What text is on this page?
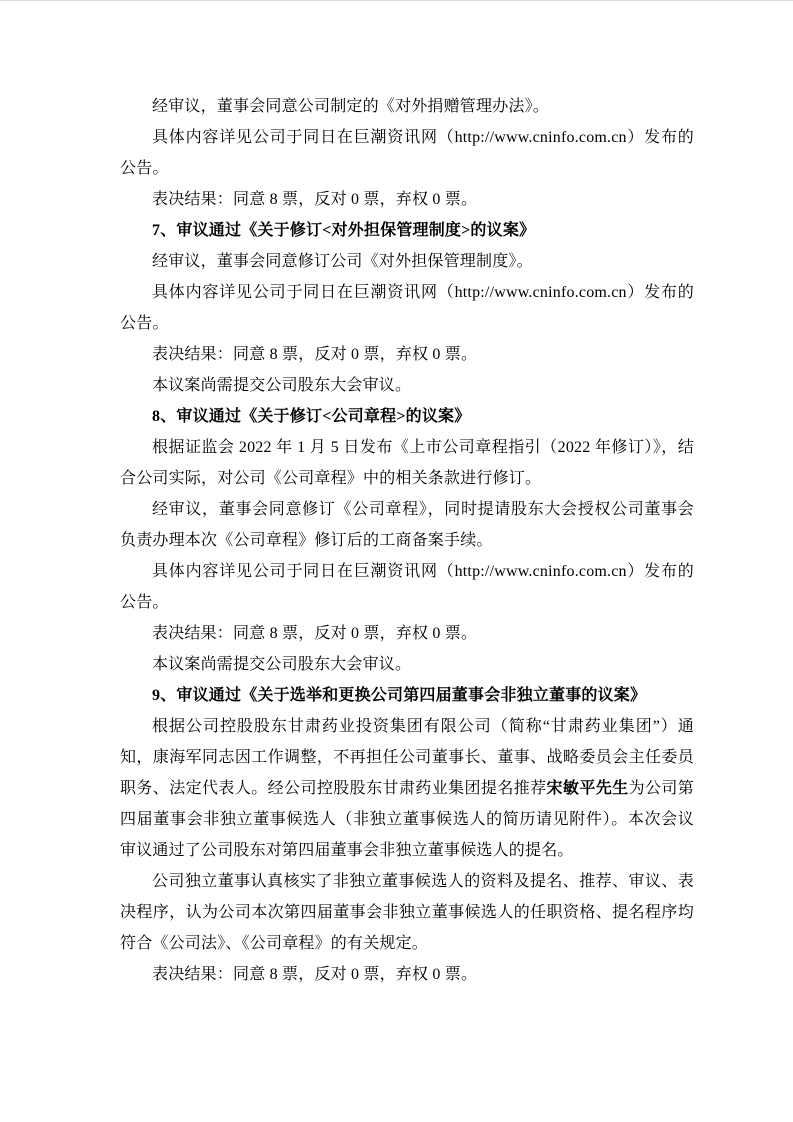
经审议，董事会同意公司制定的《对外捐赠管理办法》。

具体内容详见公司于同日在巨潮资讯网（http://www.cninfo.com.cn）发布的公告。

表决结果：同意 8 票，反对 0 票，弃权 0 票。

7、审议通过《关于修订<对外担保管理制度>的议案》

经审议，董事会同意修订公司《对外担保管理制度》。

具体内容详见公司于同日在巨潮资讯网（http://www.cninfo.com.cn）发布的公告。

表决结果：同意 8 票，反对 0 票，弃权 0 票。

本议案尚需提交公司股东大会审议。

8、审议通过《关于修订<公司章程>的议案》

根据证监会 2022 年 1 月 5 日发布《上市公司章程指引（2022 年修订）》，结合公司实际，对公司《公司章程》中的相关条款进行修订。

经审议，董事会同意修订《公司章程》，同时提请股东大会授权公司董事会负责办理本次《公司章程》修订后的工商备案手续。

具体内容详见公司于同日在巨潮资讯网（http://www.cninfo.com.cn）发布的公告。

表决结果：同意 8 票，反对 0 票，弃权 0 票。

本议案尚需提交公司股东大会审议。

9、审议通过《关于选举和更换公司第四届董事会非独立董事的议案》

根据公司控股股东甘肃药业投资集团有限公司（简称“甘肃药业集团”）通知，康海军同志因工作调整，不再担任公司董事长、董事、战略委员会主任委员职务、法定代表人。经公司控股股东甘肃药业集团提名推荐宋敏平先生为公司第四届董事会非独立董事候选人（非独立董事候选人的简历请见附件）。本次会议审议通过了公司股东对第四届董事会非独立董事候选人的提名。

公司独立董事认真核实了非独立董事候选人的资料及提名、推荐、审议、表决程序，认为公司本次第四届董事会非独立董事候选人的任职资格、提名程序均符合《公司法》、《公司章程》的有关规定。

表决结果：同意 8 票，反对 0 票，弃权 0 票。
